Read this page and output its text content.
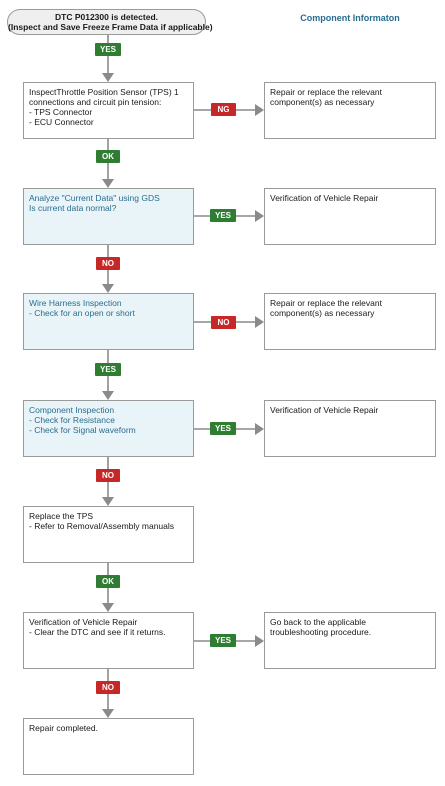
DTC P012300 is detected.
(Inspect and Save Freeze Frame Data if applicable)
Component Informaton
InspectThrottle Position Sensor (TPS) 1
connections and circuit pin tension:
- TPS Connector
- ECU Connector
Analyze "Current Data" using GDS
Is current data normal?
Wire Harness Inspection
- Check for an open or short
Component Inspection
- Check for Resistance
- Check for Signal waveform
Replace the TPS
- Refer to Removal/Assembly manuals
Verification of Vehicle Repair
- Clear the DTC and see if it returns.
Repair completed.
Repair or replace the relevant
component(s) as necessary
Verification of Vehicle Repair
Repair or replace the relevant
component(s) as necessary
Verification of Vehicle Repair
Go back to the applicable
troubleshooting procedure.
YES
OK
NO
YES
NO
OK
NO
NG
YES
NO
YES
YES
